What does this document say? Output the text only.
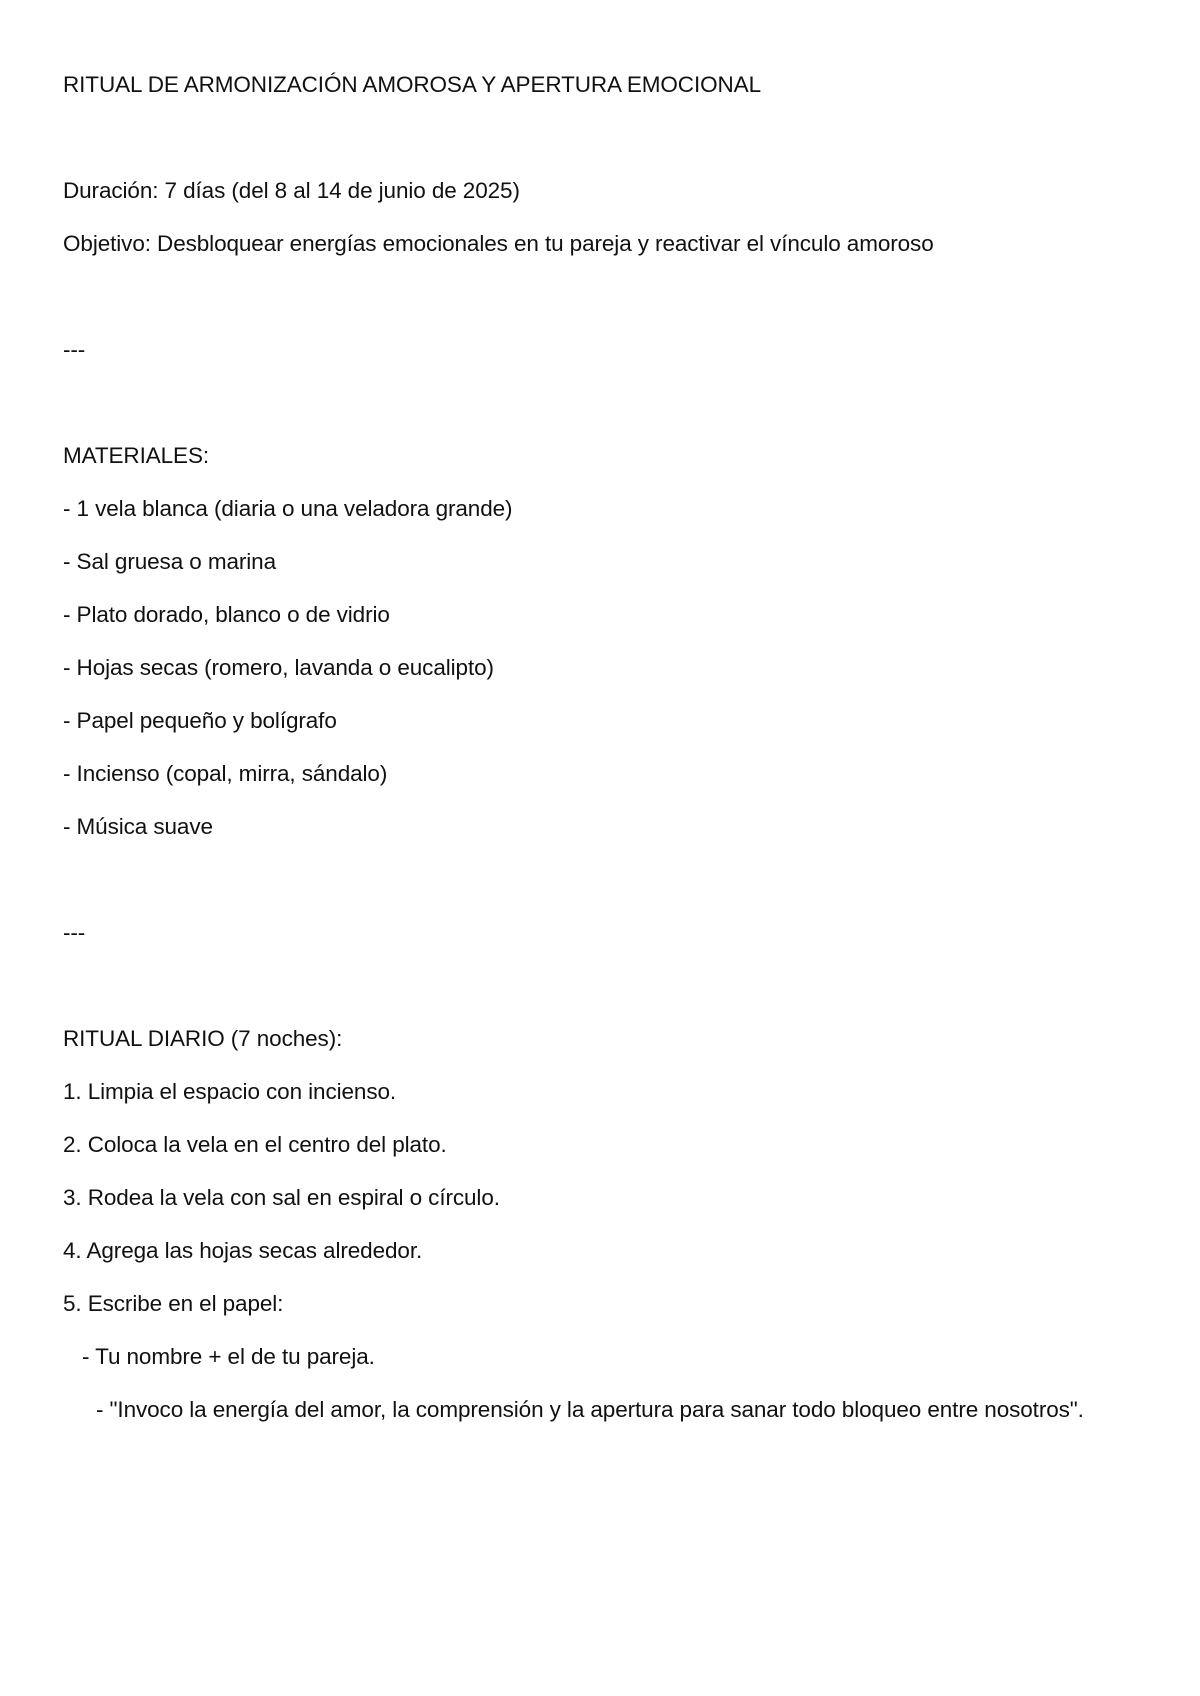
RITUAL DE ARMONIZACIÓN AMOROSA Y APERTURA EMOCIONAL
Duración: 7 días (del 8 al 14 de junio de 2025)
Objetivo: Desbloquear energías emocionales en tu pareja y reactivar el vínculo amoroso
---
MATERIALES:
- 1 vela blanca (diaria o una veladora grande)
- Sal gruesa o marina
- Plato dorado, blanco o de vidrio
- Hojas secas (romero, lavanda o eucalipto)
- Papel pequeño y bolígrafo
- Incienso (copal, mirra, sándalo)
- Música suave
---
RITUAL DIARIO (7 noches):
1. Limpia el espacio con incienso.
2. Coloca la vela en el centro del plato.
3. Rodea la vela con sal en espiral o círculo.
4. Agrega las hojas secas alrededor.
5. Escribe en el papel:
- Tu nombre + el de tu pareja.
- "Invoco la energía del amor, la comprensión y la apertura para sanar todo bloqueo entre nosotros".
